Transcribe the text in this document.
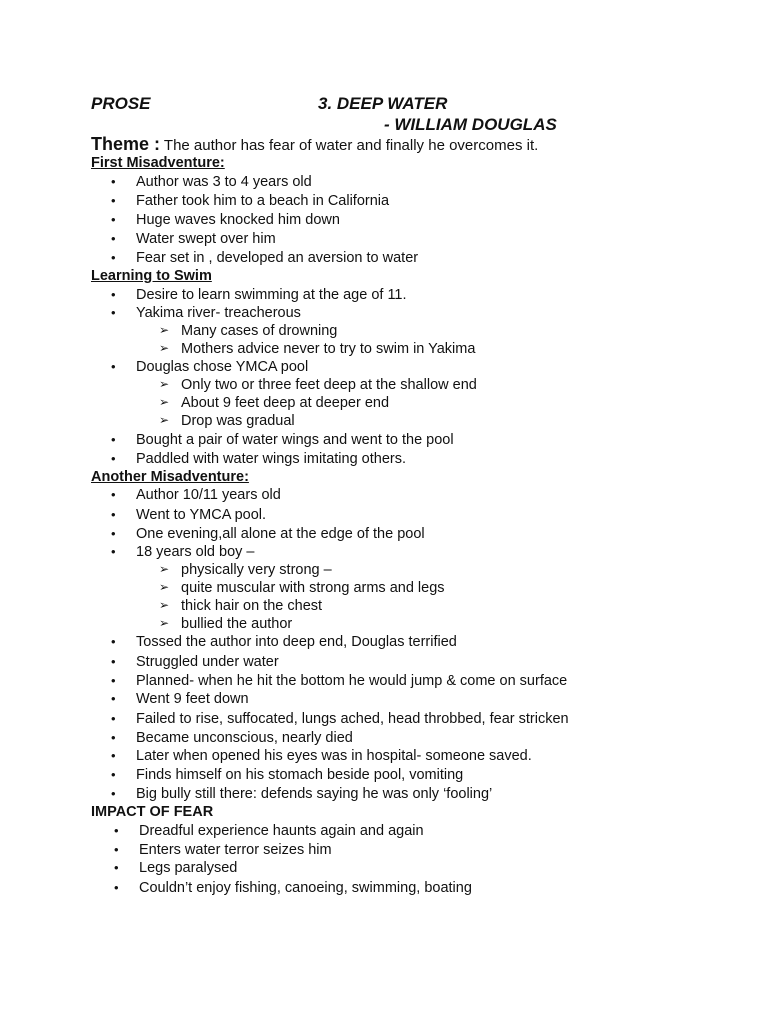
PROSE	3. DEEP WATER
- WILLIAM DOUGLAS
Theme : The author has fear of water and finally he overcomes it.
First Misadventure:
• Author was 3 to 4 years old
• Father took him to a beach in California
• Huge waves knocked him down
• Water swept over him
• Fear set in , developed an aversion to water
Learning to Swim
• Desire to learn swimming at the age of 11.
• Yakima river- treacherous
➢ Many cases of drowning
➢ Mothers advice never to try to swim in Yakima
• Douglas chose YMCA pool
➢ Only two or three feet deep at the shallow end
➢ About 9 feet deep at deeper end
➢ Drop was gradual
• Bought a pair of water wings and went to the pool
• Paddled with water wings imitating others.
Another Misadventure:
• Author 10/11 years old
• Went to YMCA pool.
• One evening,all alone at the edge of the pool
• 18 years old boy –
➢ physically very strong –
➢ quite muscular with strong arms and legs
➢ thick hair on the chest
➢ bullied the author
• Tossed the author into deep end, Douglas terrified
• Struggled under water
• Planned- when he hit the bottom he would jump & come on surface
• Went 9 feet down
• Failed to rise, suffocated, lungs ached, head throbbed, fear stricken
• Became unconscious, nearly died
• Later when opened his eyes was in hospital- someone saved.
• Finds himself on his stomach beside pool, vomiting
• Big bully still there: defends saying he was only ‘fooling’
IMPACT OF FEAR
• Dreadful experience haunts again and again
• Enters water terror seizes him
• Legs paralysed
• Couldn’t enjoy fishing, canoeing, swimming, boating
